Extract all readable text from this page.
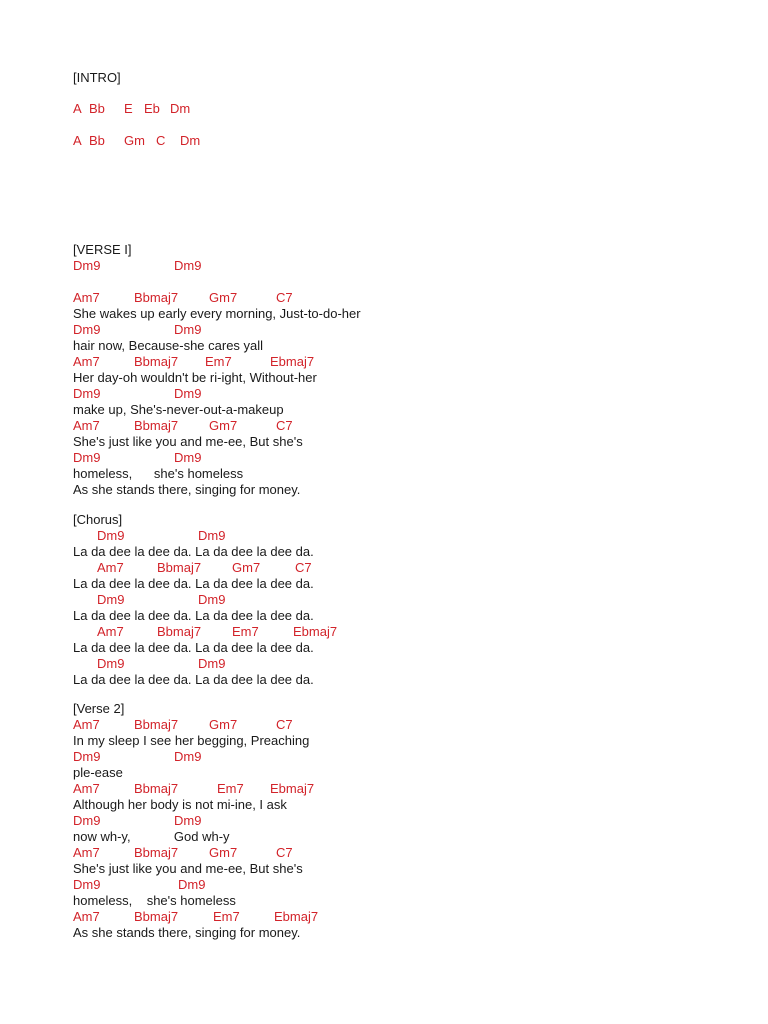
[INTRO]
A Bb E Eb Dm
A Bb Gm C Dm
[VERSE I]
Dm9	Dm9
Am7	Bbmaj7 Gm7	C7
She wakes up early every morning, Just-to-do-her
Dm9	Dm9
hair now, Because-she cares yall
Am7	Bbmaj7 Em7	Ebmaj7
Her day-oh wouldn't be ri-ight, Without-her
Dm9	Dm9
make up, She's-never-out-a-makeup
Am7	Bbmaj7 Gm7	C7
She's just like you and me-ee, But she's
Dm9	Dm9
homeless,      she's homeless
As she stands there, singing for money.
[Chorus]
Dm9	Dm9
La da dee la dee da. La da dee la dee da.
Am7	Bbmaj7 Gm7	C7
La da dee la dee da. La da dee la dee da.
Dm9	Dm9
La da dee la dee da. La da dee la dee da.
Am7	Bbmaj7 Em7	Ebmaj7
La da dee la dee da. La da dee la dee da.
Dm9	Dm9
La da dee la dee da. La da dee la dee da.
[Verse 2]
Am7	Bbmaj7 Gm7	C7
In my sleep I see her begging, Preaching
Dm9	Dm9
ple-ease
Am7	Bbmaj7	Em7 Ebmaj7
Although her body is not mi-ine, I ask
Dm9	Dm9
now wh-y,            God wh-y
Am7	Bbmaj7 Gm7	C7
She's just like you and me-ee, But she's
Dm9	Dm9
homeless,    she's homeless
Am7	Bbmaj7	Em7	Ebmaj7
As she stands there, singing for money.
